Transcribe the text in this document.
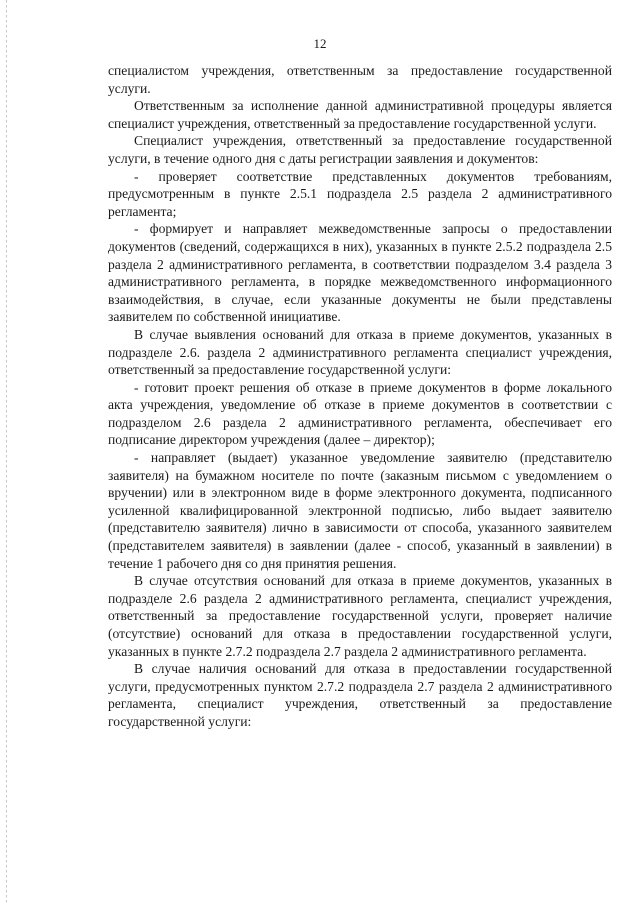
12

специалистом учреждения, ответственным за предоставление государственной услуги.

Ответственным за исполнение данной административной процедуры является специалист учреждения, ответственный за предоставление государственной услуги.

Специалист учреждения, ответственный за предоставление государственной услуги, в течение одного дня с даты регистрации заявления и документов:

- проверяет соответствие представленных документов требованиям, предусмотренным в пункте 2.5.1 подраздела 2.5 раздела 2 административного регламента;

- формирует и направляет межведомственные запросы о предоставлении документов (сведений, содержащихся в них), указанных в пункте 2.5.2 подраздела 2.5 раздела 2 административного регламента, в соответствии подразделом 3.4 раздела 3 административного регламента, в порядке межведомственного информационного взаимодействия, в случае, если указанные документы не были представлены заявителем по собственной инициативе.

В случае выявления оснований для отказа в приеме документов, указанных в подразделе 2.6. раздела 2 административного регламента специалист учреждения, ответственный за предоставление государственной услуги:

- готовит проект решения об отказе в приеме документов в форме локального акта учреждения, уведомление об отказе в приеме документов в соответствии с подразделом 2.6 раздела 2 административного регламента, обеспечивает его подписание директором учреждения (далее – директор);

- направляет (выдает) указанное уведомление заявителю (представителю заявителя) на бумажном носителе по почте (заказным письмом с уведомлением о вручении) или в электронном виде в форме электронного документа, подписанного усиленной квалифицированной электронной подписью, либо выдает заявителю (представителю заявителя) лично в зависимости от способа, указанного заявителем (представителем заявителя) в заявлении (далее - способ, указанный в заявлении) в течение 1 рабочего дня со дня принятия решения.

В случае отсутствия оснований для отказа в приеме документов, указанных в подразделе 2.6 раздела 2 административного регламента, специалист учреждения, ответственный за предоставление государственной услуги, проверяет наличие (отсутствие) оснований для отказа в предоставлении государственной услуги, указанных в пункте 2.7.2 подраздела 2.7 раздела 2 административного регламента.

В случае наличия оснований для отказа в предоставлении государственной услуги, предусмотренных пунктом 2.7.2 подраздела 2.7 раздела 2 административного регламента, специалист учреждения, ответственный за предоставление государственной услуги:
